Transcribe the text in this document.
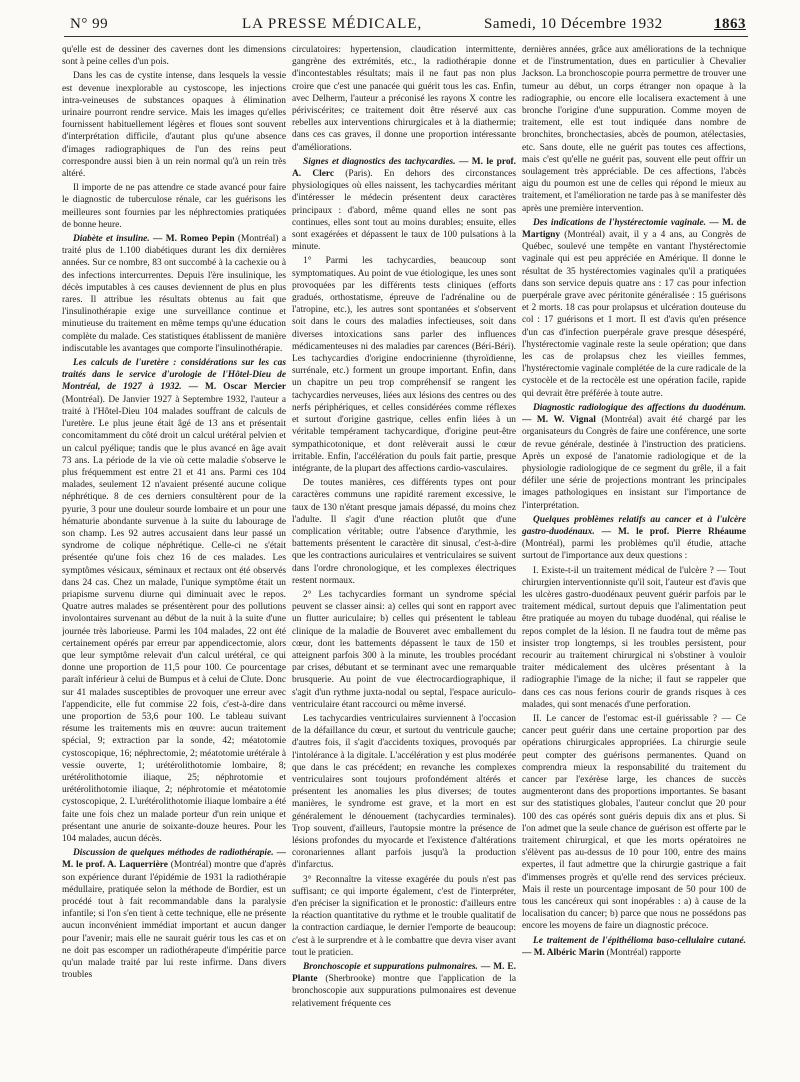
N° 99	LA PRESSE MÉDICALE,	Samedi, 10 Décembre 1932	1863

qu'elle est de dessiner des cavernes dont les dimensions sont à peine celles d'un pois.

Dans les cas de cystite intense, dans lesquels la vessie est devenue inexplorable au cystoscope, les injections intra-veineuses de substances opaques à élimination urinaire pourront rendre service. Mais les images qu'elles fournissent habituellement légères et floues sont souvent d'interprétation difficile, d'autant plus qu'une absence d'images radiographiques de l'un des reins peut correspondre aussi bien à un rein normal qu'à un rein très altéré.

Il importe de ne pas attendre ce stade avancé pour faire le diagnostic de tuberculose rénale, car les guérisons les meilleures sont fournies par les néphrectomies pratiquées de bonne heure.

Diabète et insuline. — M. Romeo Pepin (Montréal) a traité plus de 1.100 diabétiques durant les dix dernières années. Sur ce nombre, 83 ont succombé à la cachexie ou à des infections intercurrentes. Depuis l'ère insulinique, les décès imputables à ces causes deviennent de plus en plus rares. Il attribue les résultats obtenus au fait que l'insulinothérapie exige une surveillance continue et minutieuse du traitement en même temps qu'une éducation complète du malade. Ces statistiques établissent de manière indiscutable les avantages que comporte l'insulinothérapie.

Les calculs de l'uretère : considérations sur les cas traités dans le service d'urologie de l'Hôtel-Dieu de Montréal, de 1927 à 1932. — M. Oscar Mercier (Montréal). De Janvier 1927 à Septembre 1932, l'auteur a traité à l'Hôtel-Dieu 104 malades souffrant de calculs de l'uretère. Le plus jeune était âgé de 13 ans et présentait concomitamment du côté droit un calcul urétéral pelvien et un calcul pyélique; tandis que le plus avancé en âge avait 73 ans. La période de la vie où cette maladie s'observe le plus fréquemment est entre 21 et 41 ans. Parmi ces 104 malades, seulement 12 n'avaient présenté aucune colique néphrétique. 8 de ces derniers consultèrent pour de la pyurie, 3 pour une douleur sourde lombaire et un pour une hématurie abondante survenue à la suite du labourage de son champ. Les 92 autres accusaient dans leur passé un syndrome de colique néphrétique. Celle-ci ne s'était présentée qu'une fois chez 16 de ces malades. Les symptômes vésicaux, séminaux et rectaux ont été observés dans 24 cas. Chez un malade, l'unique symptôme était un priapisme survenu diurne qui diminuait avec le repos. Quatre autres malades se présentèrent pour des pollutions involontaires survenant au début de la nuit à la suite d'une journée très laborieuse. Parmi les 104 malades, 22 ont été certainement opérés par erreur par appendicectomie, alors que leur symptôme relevait d'un calcul urétéral, ce qui donne une proportion de 11,5 pour 100. Ce pourcentage paraît inférieur à celui de Bumpus et à celui de Clute. Donc sur 41 malades susceptibles de provoquer une erreur avec l'appendicite, elle fut commise 22 fois, c'est-à-dire dans une proportion de 53,6 pour 100. Le tableau suivant résume les traitements mis en œuvre: aucun traitement spécial, 9; extraction par la sonde, 42; méatotomie cystoscopique, 16; néphrectomie, 2; méatotomie urétérale à vessie ouverte, 1; urétérolithotomie lombaire, 8; urétérolithotomie iliaque, 25; néphrotomie et urétérolithotomie iliaque, 2; néphrotomie et méatotomie cystoscopique, 2. L'urétérolithotomie iliaque lombaire a été faite une fois chez un malade porteur d'un rein unique et présentant une anurie de soixante-douze heures. Pour les 104 malades, aucun décès.

Discussion de quelques méthodes de radiothérapie. — M. le prof. A. Laquerrière (Montréal) montre que d'après son expérience durant l'épidémie de 1931 la radiothérapie médullaire, pratiquée selon la méthode de Bordier, est un procédé tout à fait recommandable dans la paralysie infantile; si l'on s'en tient à cette technique, elle ne présente aucun inconvénient immédiat important et aucun danger pour l'avenir; mais elle ne saurait guérir tous les cas et on ne doit pas escomper un radiothérapeute d'impéritie parce qu'un malade traité par lui reste infirme. Dans divers troubles

circulatoires: hypertension, claudication intermittente, gangrène des extrémités, etc., la radiothérapie donne d'incontestables résultats; mais il ne faut pas non plus croire que c'est une panacée qui guérit tous les cas. Enfin, avec Delherm, l'auteur a préconisé les rayons X contre les périviscérites; ce traitement doit être réservé aux cas rebelles aux interventions chirurgicales et à la diathermie; dans ces cas graves, il donne une proportion intéressante d'améliorations.

Signes et diagnostics des tachycardies. — M. le prof. A. Clerc (Paris). En dehors des circonstances physiologiques où elles naissent, les tachycardies méritant d'intéresser le médecin présentent deux caractères principaux : d'abord, même quand elles ne sont pas continues, elles sont tout au moins durables; ensuite, elles sont exagérées et dépassent le taux de 100 pulsations à la minute.

1° Parmi les tachycardies, beaucoup sont symptomatiques. Au point de vue étiologique, les unes sont provoquées par les différents tests cliniques (efforts gradués, orthostatisme, épreuve de l'adrénaline ou de l'atropine, etc.), les autres sont spontanées et s'observent soit dans le cours des maladies infectieuses, soit dans diverses intoxications sans parler des influences médicamenteuses ni des maladies par carences (Béri-Béri). Les tachycardies d'origine endocrinienne (thyroïdienne, surrénale, etc.) forment un groupe important. Enfin, dans un chapitre un peu trop compréhensif se rangent les tachycardies nerveuses, liées aux lésions des centres ou des nerfs périphériques, et celles considérées comme réflexes et surtout d'origine gastrique, celles enfin liées à un véritable tempérament tachycardique, d'origine peut-être sympathicotonique, et dont relèverait aussi le cœur irritable. Enfin, l'accélération du pouls fait partie, presque intégrante, de la plupart des affections cardio-vasculaires.

De toutes manières, ces différents types ont pour caractères communs une rapidité rarement excessive, le taux de 130 n'étant presque jamais dépassé, du moins chez l'adulte. Il s'agit d'une réaction plutôt que d'une complication véritable; outre l'absence d'arythmie, les battements présentent le caractère dit sinusal, c'est-à-dire que les contractions auriculaires et ventriculaires se suivent dans l'ordre chronologique, et les complexes électriques restent normaux.

2° Les tachycardies formant un syndrome spécial peuvent se classer ainsi: a) celles qui sont en rapport avec un flutter auriculaire; b) celles qui présentent le tableau clinique de la maladie de Bouveret avec emballement du cœur, dont les battements dépassent le taux de 150 et atteignent parfois 300 à la minute, les troubles procédant par crises, débutant et se terminant avec une remarquable brusquerie. Au point de vue électrocardiographique, il s'agit d'un rythme juxta-nodal ou septal, l'espace auriculo-ventriculaire étant raccourci ou même inversé.

Les tachycardies ventriculaires surviennent à l'occasion de la défaillance du cœur, et surtout du ventricule gauche; d'autres fois, il s'agit d'accidents toxiques, provoqués par l'intolérance à la digitale. L'accélération y est plus modérée que dans le cas précédent; en revanche les complexes ventriculaires sont toujours profondément altérés et présentent les anomalies les plus diverses; de toutes manières, le syndrome est grave, et la mort en est généralement le dénouement (tachycardies terminales). Trop souvent, d'ailleurs, l'autopsie montre la présence de lésions profondes du myocarde et l'existence d'altérations coronariennes allant parfois jusqu'à la production d'infarctus.

3° Reconnaître la vitesse exagérée du pouls n'est pas suffisant; ce qui importe également, c'est de l'interpréter, d'en préciser la signification et le pronostic: d'ailleurs entre la réaction quantitative du rythme et le trouble qualitatif de la contraction cardiaque, le dernier l'emporte de beaucoup: c'est à le surprendre et à le combattre que devra viser avant tout le praticien.

Bronchoscopie et suppurations pulmonaires. — M. E. Plante (Sherbrooke) montre que l'application de la bronchoscopie aux suppurations pulmonaires est devenue relativement fréquente ces

dernières années, grâce aux améliorations de la technique et de l'instrumentation, dues en particulier à Chevalier Jackson. La bronchoscopie pourra permettre de trouver une tumeur au début, un corps étranger non opaque à la radiographie, ou encore elle localisera exactement à une bronche l'origine d'une suppuration. Comme moyen de traitement, elle est tout indiquée dans nombre de bronchites, bronchectasies, abcès de poumon, atélectasies, etc. Sans doute, elle ne guérit pas toutes ces affections, mais c'est qu'elle ne guérit pas, souvent elle peut offrir un soulagement très appréciable. De ces affections, l'abcès aigu du poumon est une de celles qui répond le mieux au traitement, et l'amélioration ne tarde pas à se manifester dès après une première intervention.

Des indications de l'hystérectomie vaginale. — M. de Martigny (Montréal) avait, il y a 4 ans, au Congrès de Québec, soulevé une tempête en vantant l'hystérectomie vaginale qui est peu appréciée en Amérique. Il donne le résultat de 35 hystérectomies vaginales qu'il a pratiquées dans son service depuis quatre ans : 17 cas pour infection puerpérale grave avec péritonite généralisée : 15 guérisons et 2 morts. 18 cas pour prolapsus et ulcération douteuse du col : 17 guérisons et 1 mort. Il est d'avis qu'en présence d'un cas d'infection puerpérale grave presque désespéré, l'hystérectomie vaginale reste la seule opération; que dans les cas de prolapsus chez les vieilles femmes, l'hystérectomie vaginale complétée de la cure radicale de la cystocèle et de la rectocèle est une opération facile, rapide qui devrait être préférée à toute autre.

Diagnostic radiologique des affections du duodénum. — M. W. Vignal (Montréal) avait été chargé par les organisateurs du Congrès de faire une conférence, une sorte de revue générale, destinée à l'instruction des praticiens. Après un exposé de l'anatomie radiologique et de la physiologie radiologique de ce segment du grêle, il a fait défiler une série de projections montrant les principales images pathologiques en insistant sur l'importance de l'interprétation.

Quelques problèmes relatifs au cancer et à l'ulcère gastro-duodénaux. — M. le prof. Pierre Rhéaume (Montréal), parmi les problèmes qu'il étudie, attache surtout de l'importance aux deux questions :

I. Existe-t-il un traitement médical de l'ulcère ? — Tout chirurgien interventionniste qu'il soit, l'auteur est d'avis que les ulcères gastro-duodénaux peuvent guérir parfois par le traitement médical, surtout depuis que l'alimentation peut être pratiquée au moyen du tubage duodénal, qui réalise le repos complet de la lésion. Il ne faudra tout de même pas insister trop longtemps, si les troubles persistent, pour recourir au traitement chirurgical ni s'obstiner à vouloir traiter médicalement des ulcères présentant à la radiographie l'image de la niche; il faut se rappeler que dans ces cas nous ferions courir de grands risques à ces malades, qui sont menacés d'une perforation.

II. Le cancer de l'estomac est-il guérissable ? — Ce cancer peut guérir dans une certaine proportion par des opérations chirurgicales appropriées. La chirurgie seule peut compter des guérisons permanentes. Quand on comprendra mieux la responsabilité du traitement du cancer par l'exérèse large, les chances de succès augmenteront dans des proportions importantes. Se basant sur des statistiques globales, l'auteur conclut que 20 pour 100 des cas opérés sont guéris depuis dix ans et plus. Si l'on admet que la seule chance de guérison est offerte par le traitement chirurgical, et que les morts opératoires ne s'élèvent pas au-dessus de 10 pour 100, entre des mains expertes, il faut admettre que la chirurgie gastrique a fait d'immenses progrès et qu'elle rend des services précieux. Mais il reste un pourcentage imposant de 50 pour 100 de tous les cancéreux qui sont inopérables : a) à cause de la localisation du cancer; b) parce que nous ne possédons pas encore les moyens de faire un diagnostic précoce.

Le traitement de l'épithélioma baso-cellulaire cutané. — M. Albéric Marin (Montréal) rapporte
